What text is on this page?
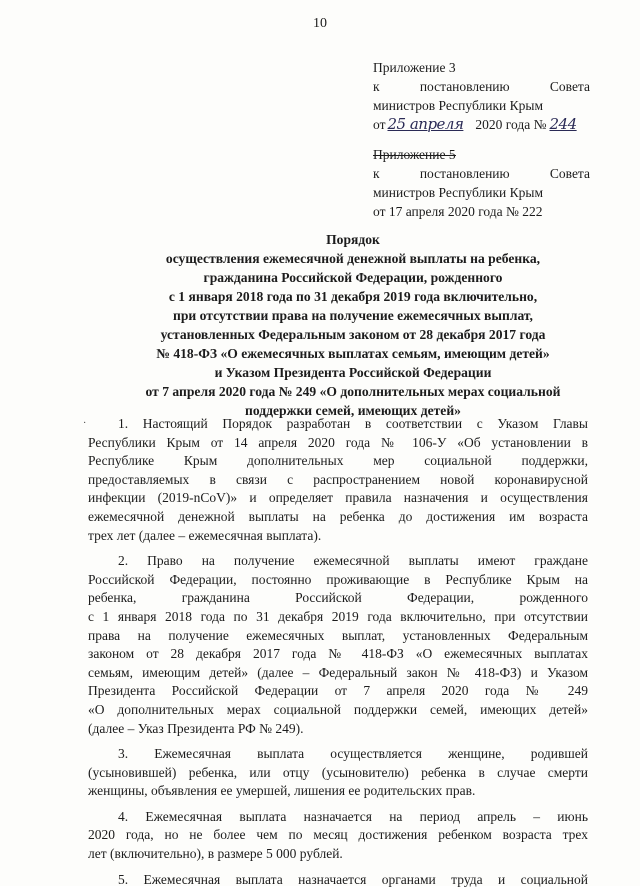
10
Приложение 3
к	постановлению	Совета
министров Республики Крым
от 25 апреля 2020 года № 244
Приложение 5
к	постановлению	Совета
министров Республики Крым
от 17 апреля 2020 года № 222
Порядок
осуществления ежемесячной денежной выплаты на ребенка,
гражданина Российской Федерации, рожденного
с 1 января 2018 года по 31 декабря 2019 года включительно,
при отсутствии права на получение ежемесячных выплат,
установленных Федеральным законом от 28 декабря 2017 года
№ 418-ФЗ «О ежемесячных выплатах семьям, имеющим детей»
и Указом Президента Российской Федерации
от 7 апреля 2020 года № 249 «О дополнительных мерах социальной
поддержки семей, имеющих детей»
·	1. Настоящий Порядок разработан в соответствии с Указом Главы
Республики Крым от 14 апреля 2020 года № 106-У «Об установлении в
Республике Крым дополнительных мер социальной поддержки,
предоставляемых в связи с распространением новой коронавирусной
инфекции (2019-nCoV)» и определяет правила назначения и осуществления
ежемесячной денежной выплаты на ребенка до достижения им возраста
трех лет (далее – ежемесячная выплата).
2. Право на получение ежемесячной выплаты имеют граждане
Российской Федерации, постоянно проживающие в Республике Крым на
ребенка, гражданина Российской Федерации, рожденного
с 1 января 2018 года по 31 декабря 2019 года включительно, при отсутствии
права на получение ежемесячных выплат, установленных Федеральным
законом от 28 декабря 2017 года № 418-ФЗ «О ежемесячных выплатах
семьям, имеющим детей» (далее – Федеральный закон № 418-ФЗ) и Указом
Президента Российской Федерации от 7 апреля 2020 года № 249
«О дополнительных мерах социальной поддержки семей, имеющих детей»
(далее – Указ Президента РФ № 249).
3. Ежемесячная выплата осуществляется женщине, родившей
(усыновившей) ребенка, или отцу (усыновителю) ребенка в случае смерти
женщины, объявления ее умершей, лишения ее родительских прав.
4. Ежемесячная выплата назначается на период апрель – июнь
2020 года, но не более чем по месяц достижения ребенком возраста трех
лет (включительно), в размере 5 000 рублей.
5. Ежемесячная выплата назначается органами труда и социальной
